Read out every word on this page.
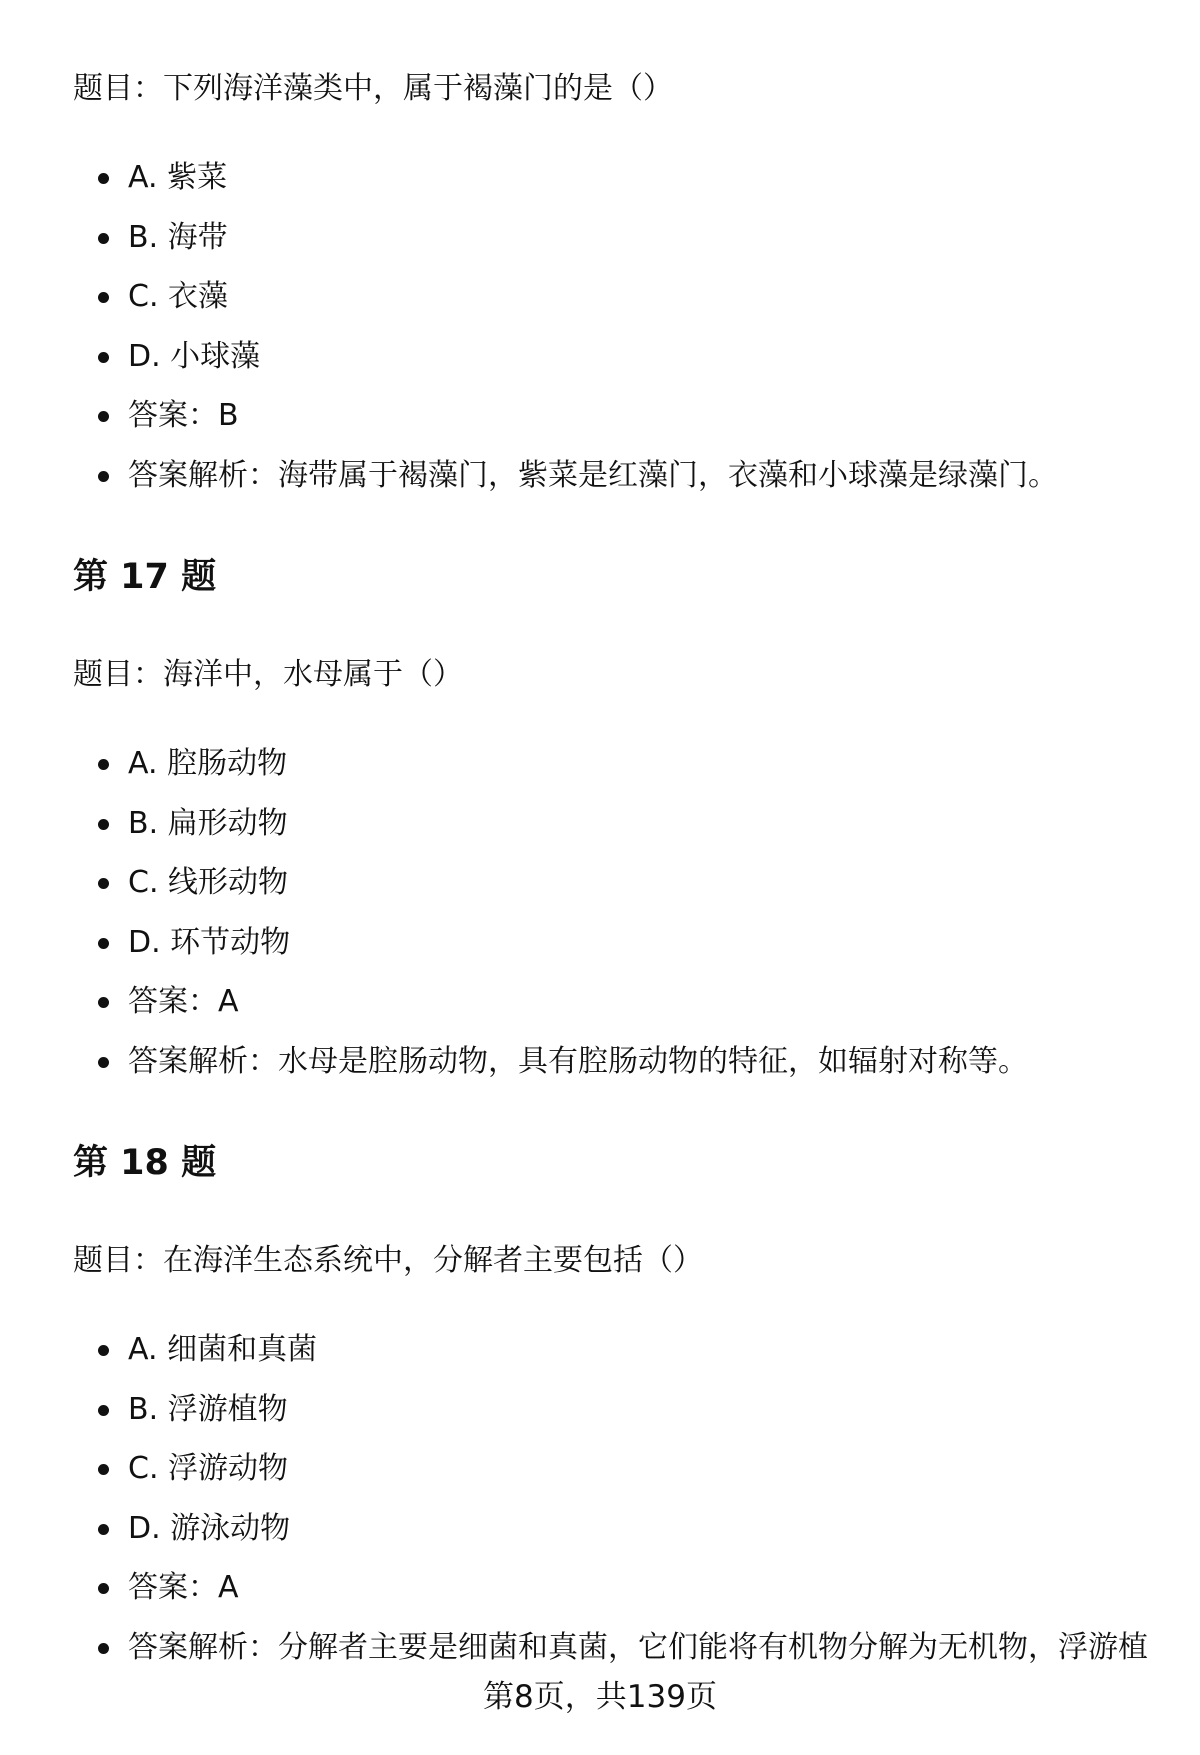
题目：下列海洋藻类中，属于褐藻门的是（）

A. 紫菜
B. 海带
C. 衣藻
D. 小球藻
答案：B
答案解析：海带属于褐藻门，紫菜是红藻门，衣藻和小球藻是绿藻门。
第 17 题

题目：海洋中，水母属于（）

A. 腔肠动物
B. 扁形动物
C. 线形动物
D. 环节动物
答案：A
答案解析：水母是腔肠动物，具有腔肠动物的特征，如辐射对称等。
第 18 题

题目：在海洋生态系统中，分解者主要包括（）

A. 细菌和真菌
B. 浮游植物
C. 浮游动物
D. 游泳动物
答案：A
答案解析：分解者主要是细菌和真菌，它们能将有机物分解为无机物，浮游植
第8页，共139页
